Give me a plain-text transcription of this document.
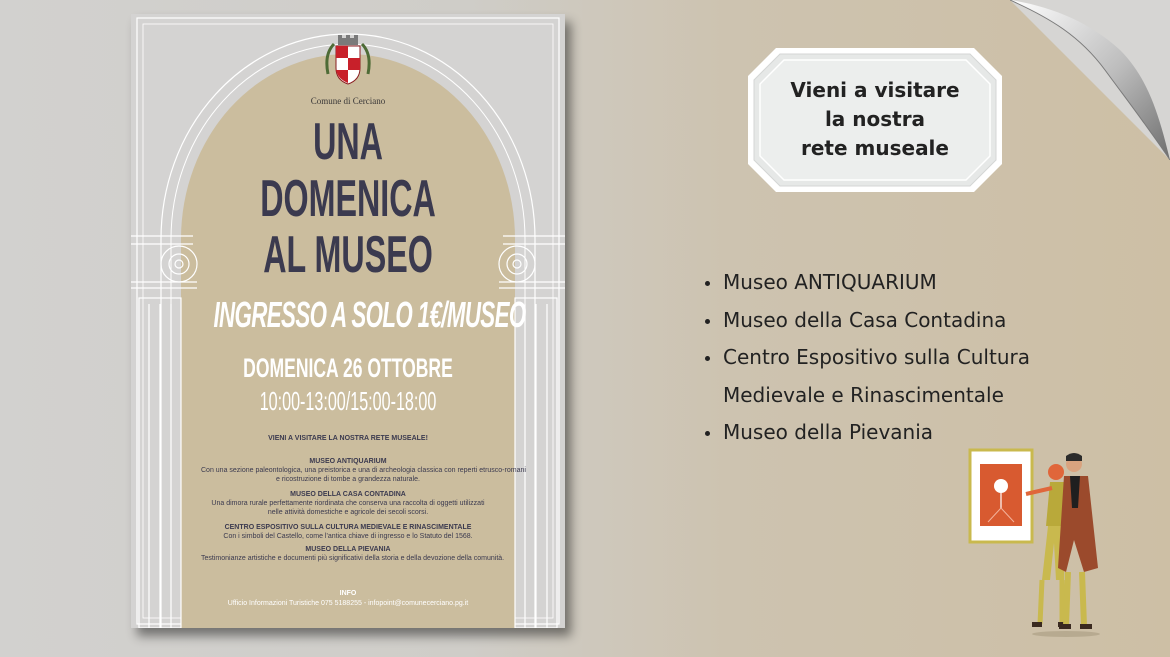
Comune di Cerciano
UNA
DOMENICA
AL MUSEO
INGRESSO A SOLO 1€/MUSEO
DOMENICA 26 OTTOBRE
10:00-13:00/15:00-18:00
VIENI A VISITARE LA NOSTRA RETE MUSEALE!
MUSEO ANTIQUARIUM
Con una sezione paleontologica, una preistorica e una di archeologia classica con reperti etrusco-romani
e ricostruzione di tombe a grandezza naturale.
MUSEO DELLA CASA CONTADINA
Una dimora rurale perfettamente riordinata che conserva una raccolta di oggetti utilizzati
nelle attività domestiche e agricole dei secoli scorsi.
CENTRO ESPOSITIVO SULLA CULTURA MEDIEVALE E RINASCIMENTALE
Con i simboli del Castello, come l'antica chiave di ingresso e lo Statuto del 1568.
MUSEO DELLA PIEVANIA
Testimonianze artistiche e documenti più significativi della storia e della devozione della comunità.
INFO
Ufficio Informazioni Turistiche 075 5188255 - infopoint@comunecerciano.pg.it
Vieni a visitare
la nostra
rete museale
Museo ANTIQUARIUM
Museo della Casa Contadina
Centro Espositivo sulla Cultura
Medievale e Rinascimentale
Museo della Pievania
